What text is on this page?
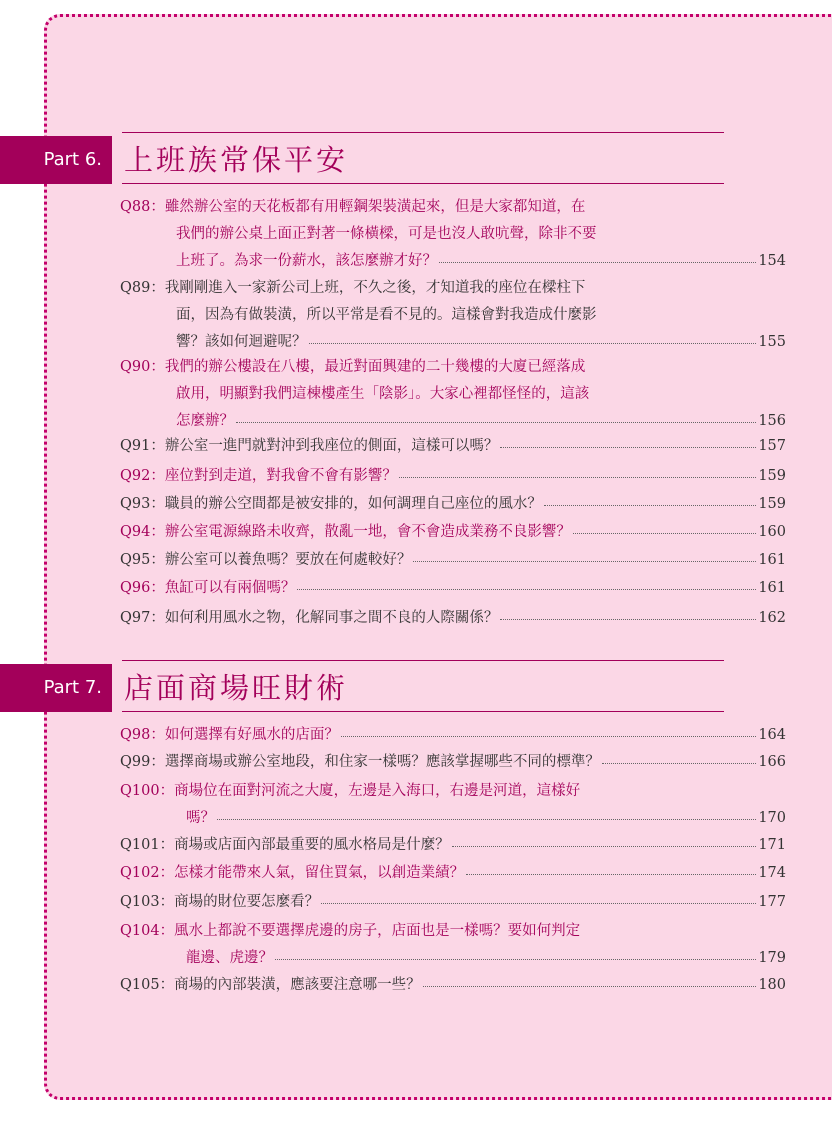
Part 6. 上班族常保平安
Q88： 雖然辦公室的天花板都有用輕鋼架裝潢起來，但是大家都知道，在
我們的辦公桌上面正對著一條橫樑，可是也沒人敢吭聲，除非不要
上班了。為求一份薪水，該怎麼辦才好？	154
Q89： 我剛剛進入一家新公司上班，不久之後，才知道我的座位在樑柱下
面，因為有做裝潢，所以平常是看不見的。這樣會對我造成什麼影
響？該如何迴避呢？	155
Q90： 我們的辦公樓設在八樓，最近對面興建的二十幾樓的大廈已經落成
啟用，明顯對我們這棟樓產生「陰影」。大家心裡都怪怪的，這該
怎麼辦？	156
Q91： 辦公室一進門就對沖到我座位的側面，這樣可以嗎？	157
Q92： 座位對到走道，對我會不會有影響？	159
Q93： 職員的辦公空間都是被安排的，如何調理自己座位的風水？	159
Q94： 辦公室電源線路未收齊，散亂一地，會不會造成業務不良影響？	160
Q95： 辦公室可以養魚嗎？要放在何處較好？	161
Q96： 魚缸可以有兩個嗎？	161
Q97： 如何利用風水之物，化解同事之間不良的人際關係？	162
Part 7. 店面商場旺財術
Q98： 如何選擇有好風水的店面？	164
Q99： 選擇商場或辦公室地段，和住家一樣嗎？應該掌握哪些不同的標準？	166
Q100： 商場位在面對河流之大廈，左邊是入海口，右邊是河道，這樣好
嗎？	170
Q101： 商場或店面內部最重要的風水格局是什麼？	171
Q102： 怎樣才能帶來人氣，留住買氣，以創造業績？	174
Q103： 商場的財位要怎麼看？	177
Q104： 風水上都說不要選擇虎邊的房子，店面也是一樣嗎？要如何判定
龍邊、虎邊？	179
Q105： 商場的內部裝潢，應該要注意哪一些？	180
